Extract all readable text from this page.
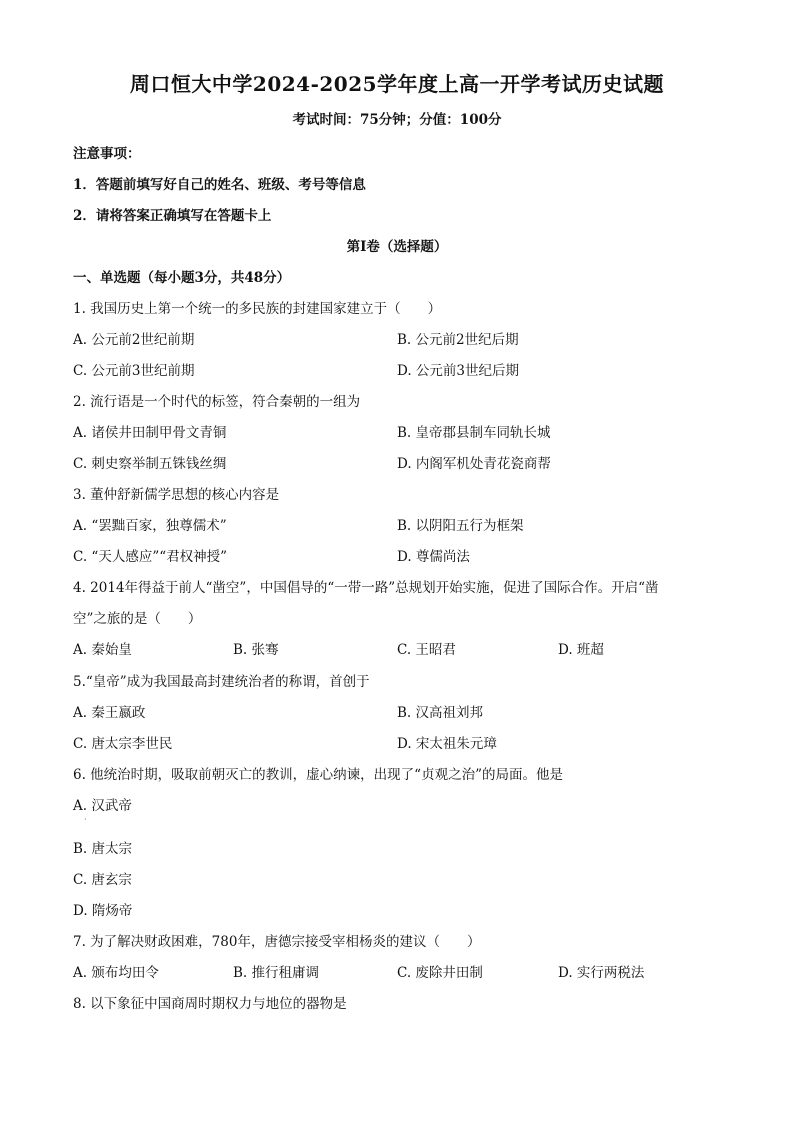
周口恒大中学2024-2025学年度上高一开学考试历史试题
考试时间：75分钟；分值：100分
注意事项：
1．答题前填写好自己的姓名、班级、考号等信息
2．请将答案正确填写在答题卡上
第I卷（选择题）
一、单选题（每小题3分，共48分）
1. 我国历史上第一个统一的多民族的封建国家建立于（　　）
A. 公元前2世纪前期	B. 公元前2世纪后期
C. 公元前3世纪前期	D. 公元前3世纪后期
2. 流行语是一个时代的标签，符合秦朝的一组为
A. 诸侯井田制甲骨文青铜	B. 皇帝郡县制车同轨长城
C. 刺史察举制五铢钱丝绸	D. 内阁军机处青花瓷商帮
3. 董仲舒新儒学思想的核心内容是
A. “罢黜百家，独尊儒术”	B. 以阴阳五行为框架
C. “天人感应”“君权神授”	D. 尊儒尚法
4. 2014年得益于前人“凿空”，中国倡导的“一带一路”总规划开始实施，促进了国际合作。开启“凿
空”之旅的是（　　）
A. 秦始皇	B. 张骞	C. 王昭君	D. 班超
5.“皇帝”成为我国最高封建统治者的称谓，首创于
A. 秦王嬴政	B. 汉高祖刘邦
C. 唐太宗李世民	D. 宋太祖朱元璋
6. 他统治时期，吸取前朝灭亡的教训，虚心纳谏，出现了“贞观之治”的局面。他是
A. 汉武帝
·
B. 唐太宗
C. 唐玄宗
D. 隋炀帝
7. 为了解决财政困难，780年，唐德宗接受宰相杨炎的建议（　　）
A. 颁布均田令	B. 推行租庸调	C. 废除井田制	D. 实行两税法
8. 以下象征中国商周时期权力与地位的器物是
